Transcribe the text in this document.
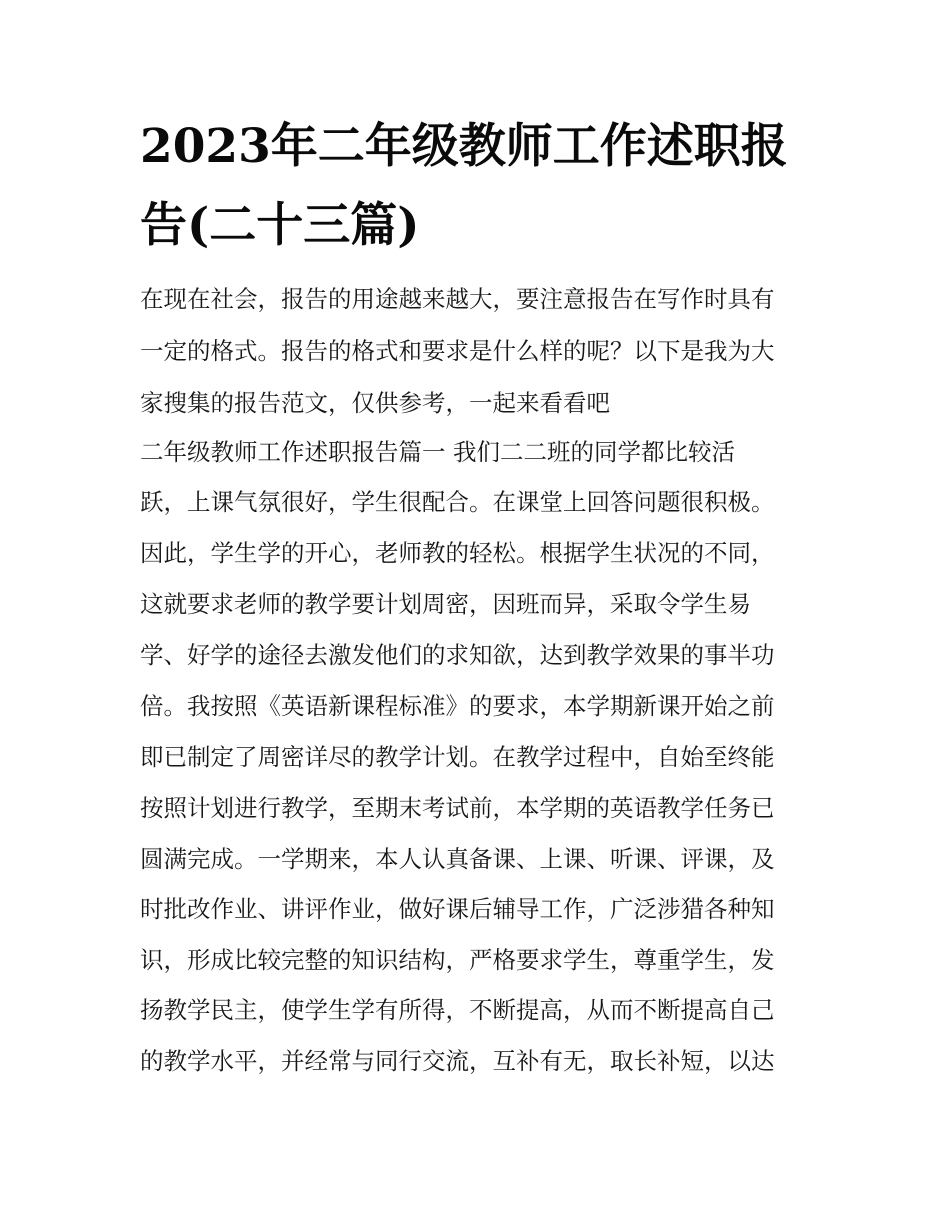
2023年二年级教师工作述职报
告(二十三篇)
在现在社会，报告的用途越来越大，要注意报告在写作时具有
一定的格式。报告的格式和要求是什么样的呢？以下是我为大
家搜集的报告范文，仅供参考，一起来看看吧
二年级教师工作述职报告篇一 我们二二班的同学都比较活
跃，上课气氛很好，学生很配合。在课堂上回答问题很积极。
因此，学生学的开心，老师教的轻松。根据学生状况的不同，
这就要求老师的教学要计划周密，因班而异，采取令学生易
学、好学的途径去激发他们的求知欲，达到教学效果的事半功
倍。我按照《英语新课程标准》的要求，本学期新课开始之前
即已制定了周密详尽的教学计划。在教学过程中，自始至终能
按照计划进行教学，至期末考试前，本学期的英语教学任务已
圆满完成。一学期来，本人认真备课、上课、听课、评课，及
时批改作业、讲评作业，做好课后辅导工作，广泛涉猎各种知
识，形成比较完整的知识结构，严格要求学生，尊重学生，发
扬教学民主，使学生学有所得，不断提高，从而不断提高自己
的教学水平，并经常与同行交流，互补有无，取长补短，以达
